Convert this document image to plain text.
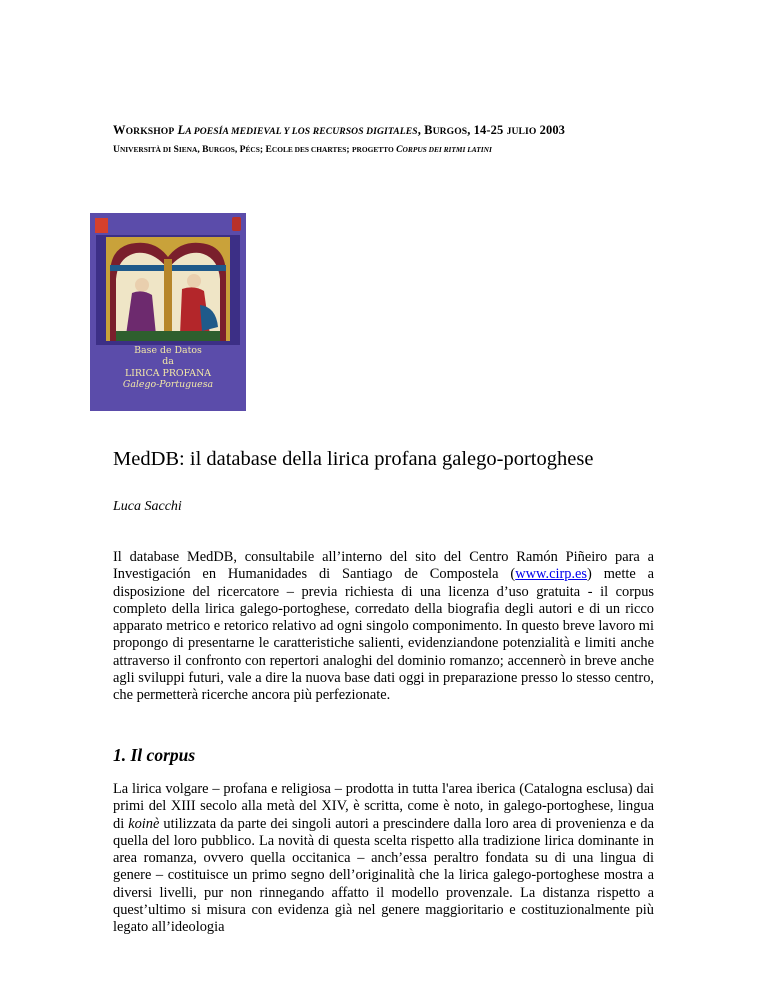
WORKSHOP LA POESÍA MEDIEVAL Y LOS RECURSOS DIGITALES, BURGOS, 14-25 JULIO 2003
UNIVERSITÀ DI SIENA, BURGOS, PÉCS; ECOLE DES CHARTES; PROGETTO CORPUS DEI RITMI LATINI
Base de Datos
da
LIRICA PROFANA
Galego-Portuguesa
MedDB: il database della lirica profana galego-portoghese
Luca Sacchi
Il database MedDB, consultabile all’interno del sito del Centro Ramón Piñeiro para a Investigación en Humanidades di Santiago de Compostela (www.cirp.es) mette a disposizione del ricercatore – previa richiesta di una licenza d’uso gratuita - il corpus completo della lirica galego-portoghese, corredato della biografia degli autori e di un ricco apparato metrico e retorico relativo ad ogni singolo componimento. In questo breve lavoro mi propongo di presentarne le caratteristiche salienti, evidenziandone potenzialità e limiti anche attraverso il confronto con repertori analoghi del dominio romanzo; accennerò in breve anche agli sviluppi futuri, vale a dire la nuova base dati oggi in preparazione presso lo stesso centro, che permetterà ricerche ancora più perfezionate.
1. Il corpus
La lirica volgare – profana e religiosa – prodotta in tutta l'area iberica (Catalogna esclusa) dai primi del XIII secolo alla metà del XIV, è scritta, come è noto, in galego-portoghese, lingua di koinè utilizzata da parte dei singoli autori a prescindere dalla loro area di provenienza e da quella del loro pubblico. La novità di questa scelta rispetto alla tradizione lirica dominante in area romanza, ovvero quella occitanica – anch’essa peraltro fondata su di una lingua di genere – costituisce un primo segno dell’originalità che la lirica galego-portoghese mostra a diversi livelli, pur non rinnegando affatto il modello provenzale. La distanza rispetto a quest’ultimo si misura con evidenza già nel genere maggioritario e costituzionalmente più legato all’ideologia
